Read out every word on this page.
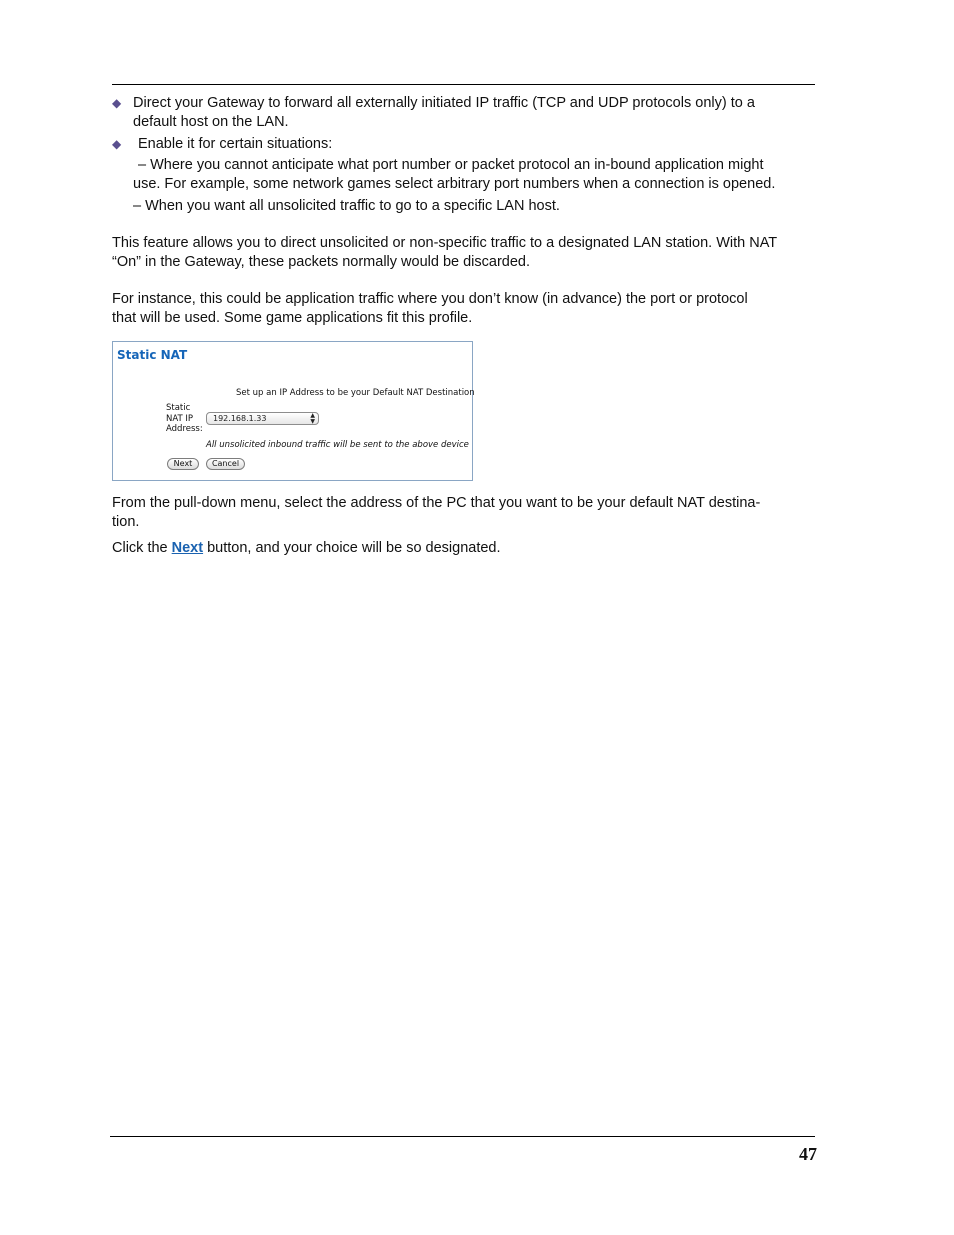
◆ Direct your Gateway to forward all externally initiated IP traffic (TCP and UDP protocols only) to a
default host on the LAN.
◆ Enable it for certain situations:
– Where you cannot anticipate what port number or packet protocol an in-bound application might
use. For example, some network games select arbitrary port numbers when a connection is opened.
– When you want all unsolicited traffic to go to a specific LAN host.
This feature allows you to direct unsolicited or non-specific traffic to a designated LAN station. With NAT
“On” in the Gateway, these packets normally would be discarded.
For instance, this could be application traffic where you don’t know (in advance) the port or protocol
that will be used. Some game applications fit this profile.
Static NAT
Set up an IP Address to be your Default NAT Destination
Static
NAT IP
Address:
192.168.1.33	▲
▼
All unsolicited inbound traffic will be sent to the above device
Next	Cancel
From the pull-down menu, select the address of the PC that you want to be your default NAT destina-
tion.
Click the Next button, and your choice will be so designated.
47
